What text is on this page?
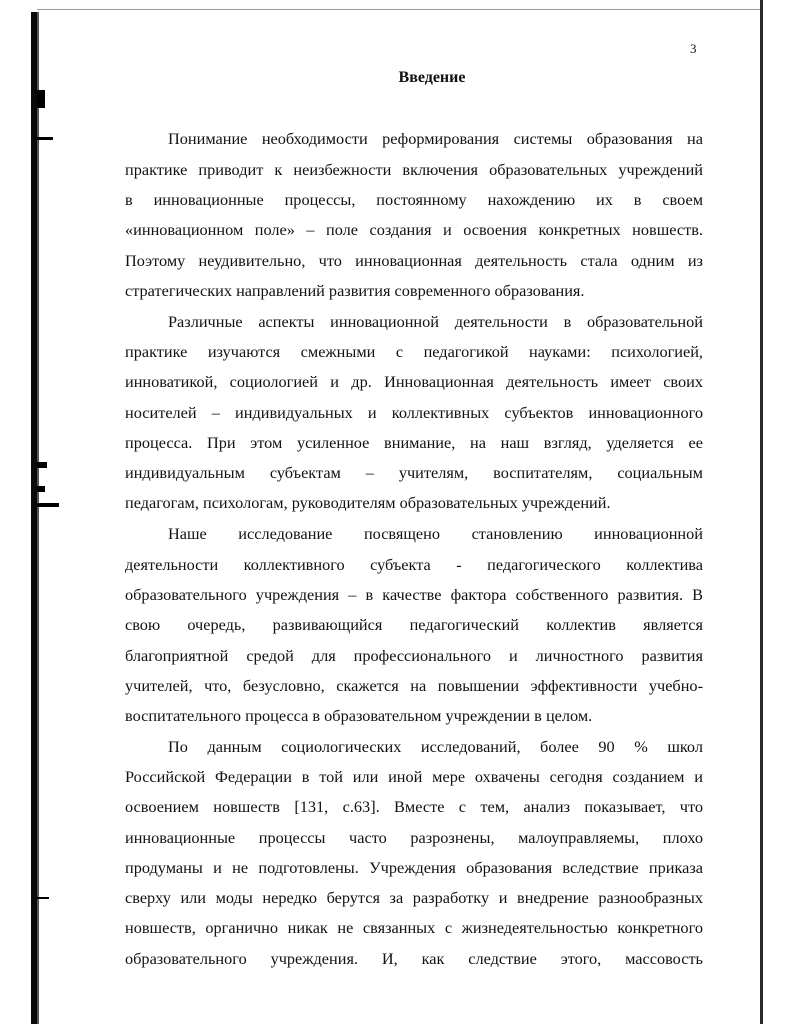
3
Введение
Понимание необходимости реформирования системы образования на
практике приводит к неизбежности включения образовательных учреждений
в инновационные процессы, постоянному нахождению их в своем
«инновационном поле» – поле создания и освоения конкретных новшеств.
Поэтому неудивительно, что инновационная деятельность стала одним из
стратегических направлений развития современного образования.
Различные аспекты инновационной деятельности в образовательной
практике изучаются смежными с педагогикой науками: психологией,
инноватикой, социологией и др. Инновационная деятельность имеет своих
носителей – индивидуальных и коллективных субъектов инновационного
процесса. При этом усиленное внимание, на наш взгляд, уделяется ее
индивидуальным субъектам – учителям, воспитателям, социальным
педагогам, психологам, руководителям образовательных учреждений.
Наше исследование посвящено становлению инновационной
деятельности коллективного субъекта - педагогического коллектива
образовательного учреждения – в качестве фактора собственного развития. В
свою очередь, развивающийся педагогический коллектив является
благоприятной средой для профессионального и личностного развития
учителей, что, безусловно, скажется на повышении эффективности учебно-
воспитательного процесса в образовательном учреждении в целом.
По данным социологических исследований, более 90 % школ
Российской Федерации в той или иной мере охвачены сегодня созданием и
освоением новшеств [131, с.63]. Вместе с тем, анализ показывает, что
инновационные процессы часто разрознены, малоуправляемы, плохо
продуманы и не подготовлены. Учреждения образования вследствие приказа
сверху или моды нередко берутся за разработку и внедрение разнообразных
новшеств, органично никак не связанных с жизнедеятельностью конкретного
образовательного учреждения. И, как следствие этого, массовость
